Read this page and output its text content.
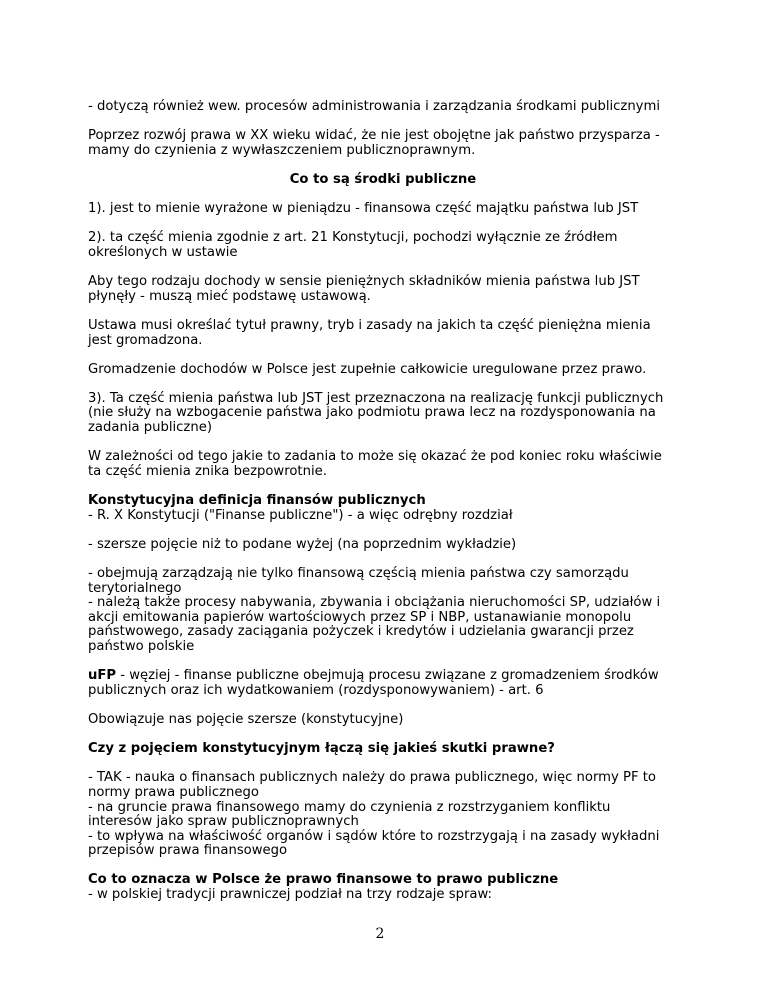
- dotyczą również wew. procesów administrowania i zarządzania środkami publicznymi

Poprzez rozwój prawa w XX wieku widać, że nie jest obojętne jak państwo przysparza - mamy do czynienia z wywłaszczeniem publicznoprawnym.

Co to są środki publiczne

1). jest to mienie wyrażone w pieniądzu - finansowa część majątku państwa lub JST

2). ta część mienia zgodnie z art. 21 Konstytucji, pochodzi wyłącznie ze źródłem określonych w ustawie

Aby tego rodzaju dochody w sensie pieniężnych składników mienia państwa lub JST płynęły - muszą mieć podstawę ustawową.

Ustawa musi określać tytuł prawny, tryb i zasady na jakich ta część pieniężna mienia jest gromadzona.

Gromadzenie dochodów w Polsce jest zupełnie całkowicie uregulowane przez prawo.

3). Ta część mienia państwa lub JST jest przeznaczona na realizację funkcji publicznych (nie służy na wzbogacenie państwa jako podmiotu prawa lecz na rozdysponowania na zadania publiczne)

W zależności od tego jakie to zadania to może się okazać że pod koniec roku właściwie ta część mienia znika bezpowrotnie.

Konstytucyjna definicja finansów publicznych
- R. X Konstytucji ("Finanse publiczne") - a więc odrębny rozdział

- szersze pojęcie niż to podane wyżej (na poprzednim wykładzie)

- obejmują zarządzają nie tylko finansową częścią mienia państwa czy samorządu terytorialnego
- należą także procesy nabywania, zbywania i obciążania nieruchomości SP, udziałów i akcji emitowania papierów wartościowych przez SP i NBP, ustanawianie monopolu państwowego, zasady zaciągania pożyczek i kredytów i udzielania gwarancji przez państwo polskie

uFP - węziej - finanse publiczne obejmują procesu związane z gromadzeniem środków publicznych oraz ich wydatkowaniem (rozdysponowywaniem) - art. 6

Obowiązuje nas pojęcie szersze (konstytucyjne)

Czy z pojęciem konstytucyjnym łączą się jakieś skutki prawne?

- TAK - nauka o finansach publicznych należy do prawa publicznego, więc normy PF to normy prawa publicznego
- na gruncie prawa finansowego mamy do czynienia z rozstrzyganiem konfliktu interesów jako spraw publicznoprawnych
- to wpływa na właściwość organów i sądów które to rozstrzygają i na zasady wykładni przepisów prawa finansowego

Co to oznacza w Polsce że prawo finansowe to prawo publiczne
- w polskiej tradycji prawniczej podział na trzy rodzaje spraw:

2
